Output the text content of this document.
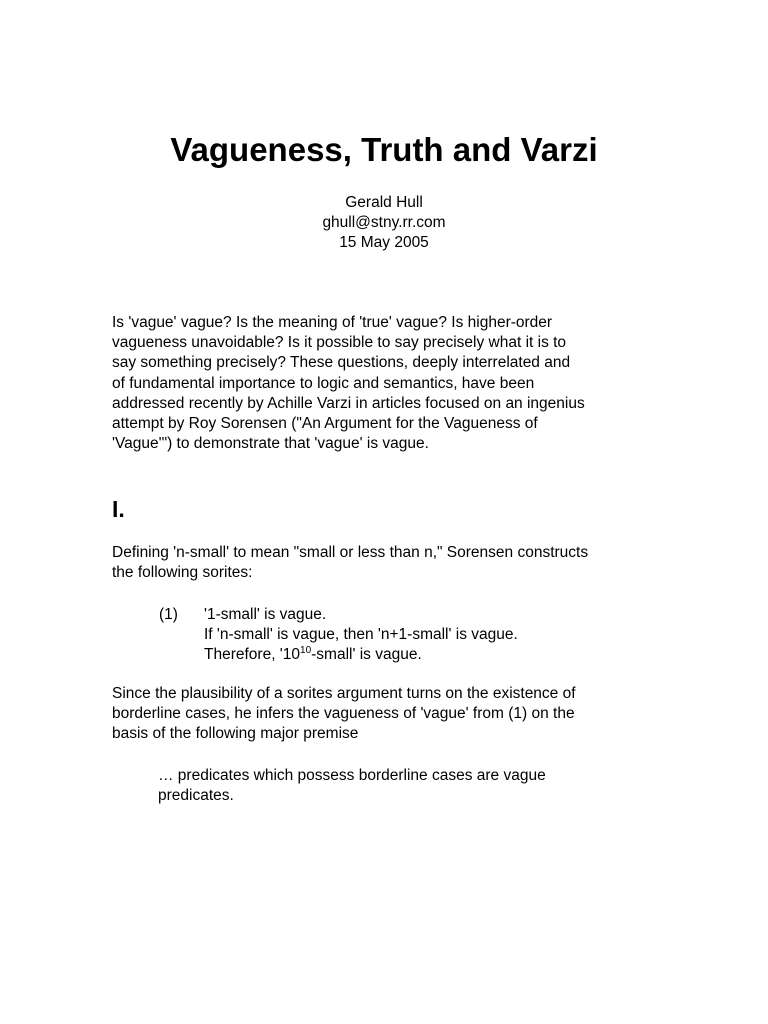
Vagueness, Truth and Varzi
Gerald Hull
ghull@stny.rr.com
15 May 2005

Is 'vague' vague? Is the meaning of 'true' vague? Is higher-order
vagueness unavoidable? Is it possible to say precisely what it is to
say something precisely? These questions, deeply interrelated and
of fundamental importance to logic and semantics, have been
addressed recently by Achille Varzi in articles focused on an ingenius
attempt by Roy Sorensen ("An Argument for the Vagueness of
'Vague'") to demonstrate that 'vague' is vague.

I.

Defining 'n-small' to mean "small or less than n," Sorensen constructs
the following sorites:

(1) '1-small' is vague.
If 'n-small' is vague, then 'n+1-small' is vague.
Therefore, '$10^{10}-small$' is vague.

Since the plausibility of a sorites argument turns on the existence of
borderline cases, he infers the vagueness of 'vague' from (1) on the
basis of the following major premise

… predicates which possess borderline cases are vague
predicates.
